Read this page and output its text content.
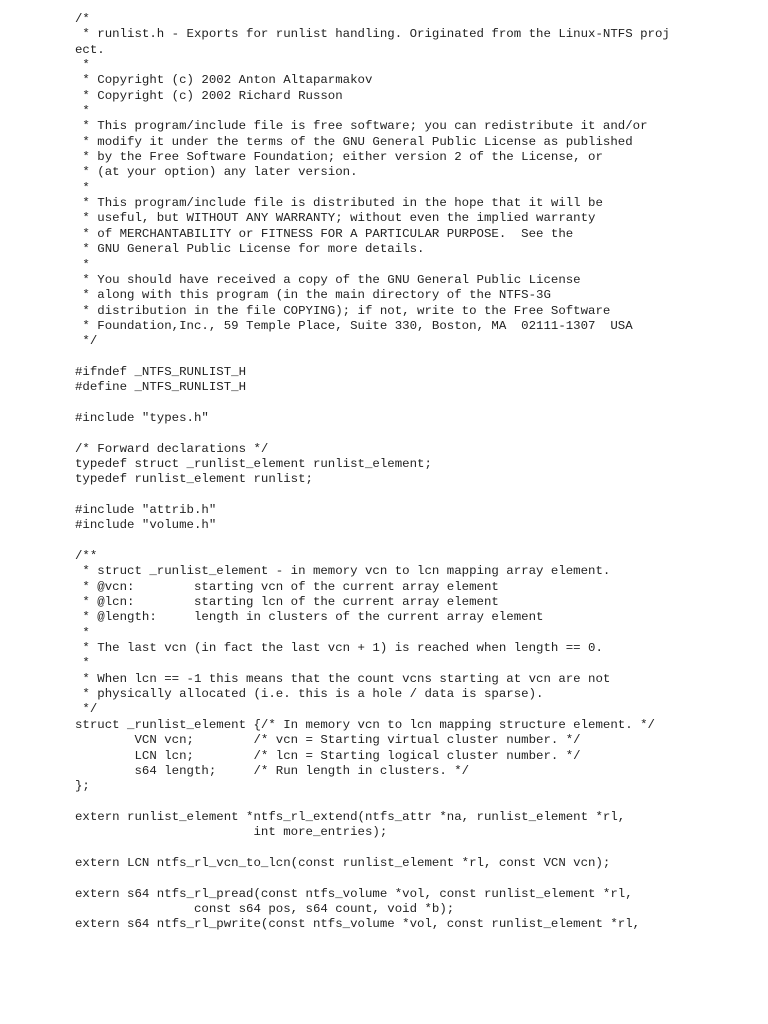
/*
* runlist.h - Exports for runlist handling. Originated from the Linux-NTFS proj
ect.
*
* Copyright (c) 2002 Anton Altaparmakov
* Copyright (c) 2002 Richard Russon
*
* This program/include file is free software; you can redistribute it and/or
* modify it under the terms of the GNU General Public License as published
* by the Free Software Foundation; either version 2 of the License, or
* (at your option) any later version.
*
* This program/include file is distributed in the hope that it will be
* useful, but WITHOUT ANY WARRANTY; without even the implied warranty
* of MERCHANTABILITY or FITNESS FOR A PARTICULAR PURPOSE.  See the
* GNU General Public License for more details.
*
* You should have received a copy of the GNU General Public License
* along with this program (in the main directory of the NTFS-3G
* distribution in the file COPYING); if not, write to the Free Software
* Foundation,Inc., 59 Temple Place, Suite 330, Boston, MA  02111-1307  USA
*/
#ifndef _NTFS_RUNLIST_H
#define _NTFS_RUNLIST_H
#include "types.h"
/* Forward declarations */
typedef struct _runlist_element runlist_element;
typedef runlist_element runlist;
#include "attrib.h"
#include "volume.h"
/**
* struct _runlist_element - in memory vcn to lcn mapping array element.
* @vcn:        starting vcn of the current array element
* @lcn:        starting lcn of the current array element
* @length:     length in clusters of the current array element
*
* The last vcn (in fact the last vcn + 1) is reached when length == 0.
*
* When lcn == -1 this means that the count vcns starting at vcn are not
* physically allocated (i.e. this is a hole / data is sparse).
*/
struct _runlist_element {/* In memory vcn to lcn mapping structure element. */
VCN vcn;        /* vcn = Starting virtual cluster number. */
LCN lcn;        /* lcn = Starting logical cluster number. */
s64 length;     /* Run length in clusters. */
};
extern runlist_element *ntfs_rl_extend(ntfs_attr *na, runlist_element *rl,
int more_entries);
extern LCN ntfs_rl_vcn_to_lcn(const runlist_element *rl, const VCN vcn);
extern s64 ntfs_rl_pread(const ntfs_volume *vol, const runlist_element *rl,
const s64 pos, s64 count, void *b);
extern s64 ntfs_rl_pwrite(const ntfs_volume *vol, const runlist_element *rl,
